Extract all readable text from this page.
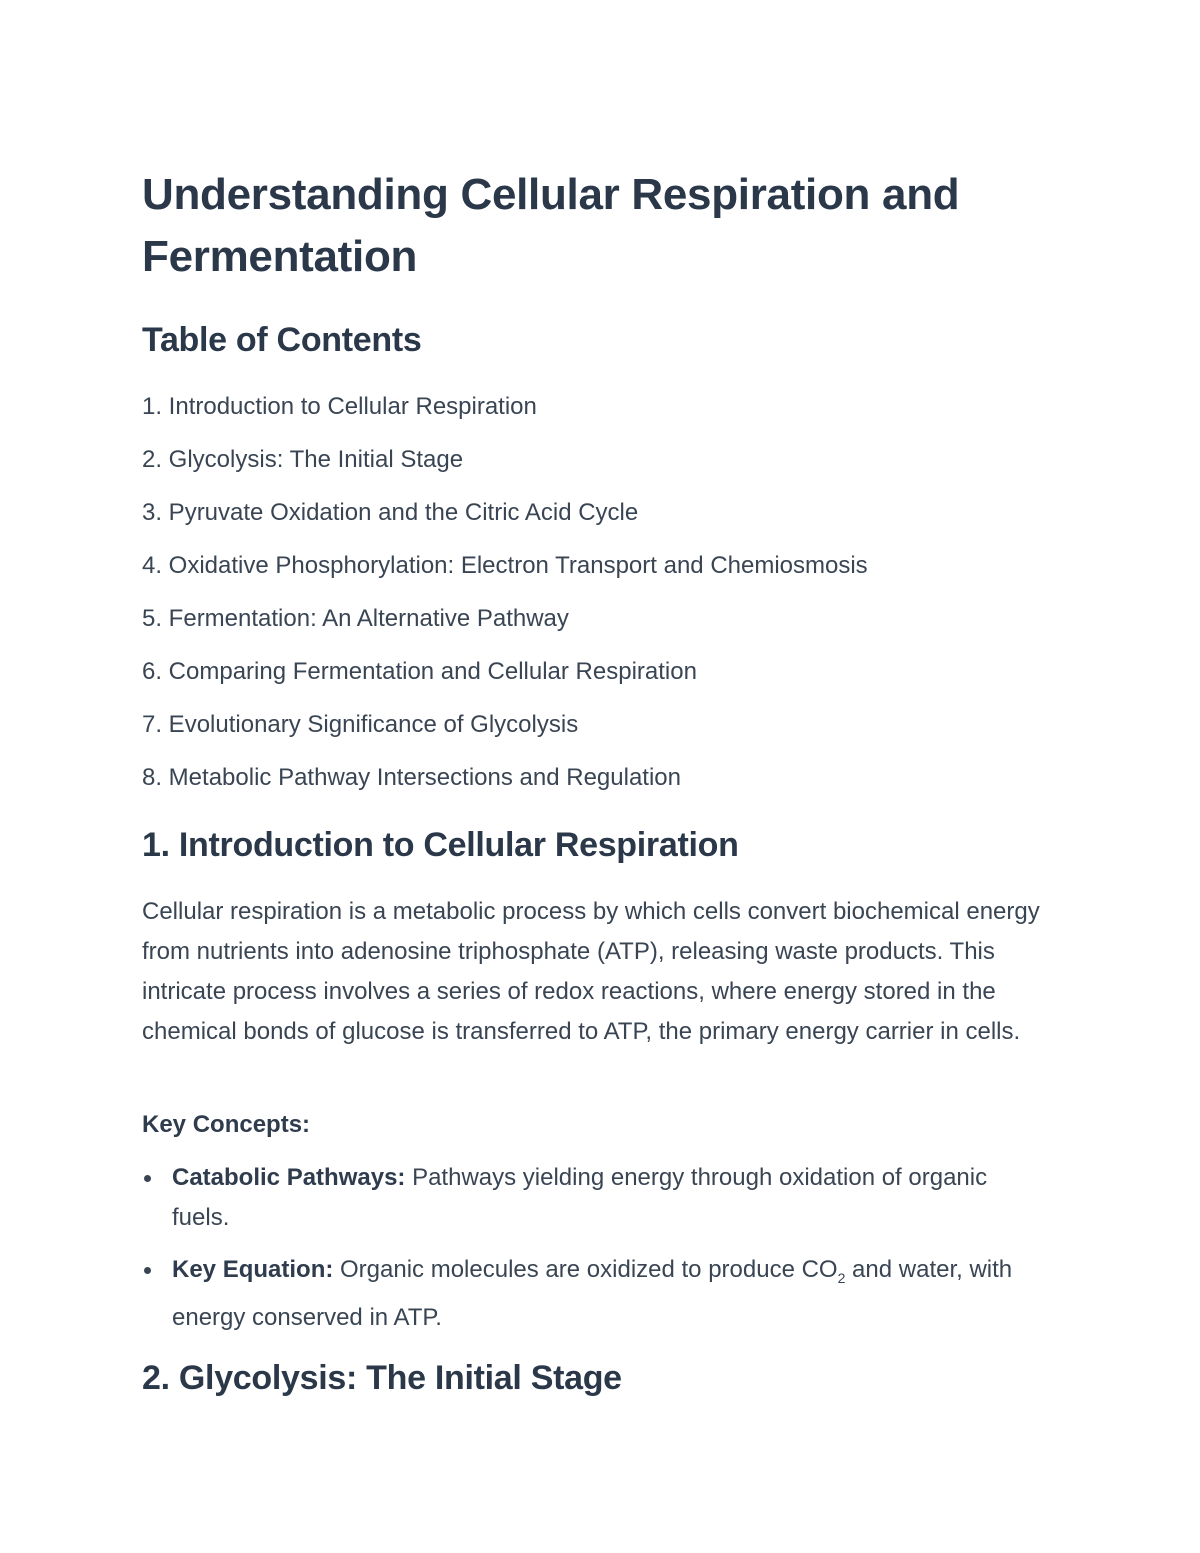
Understanding Cellular Respiration and Fermentation
Table of Contents
1. Introduction to Cellular Respiration
2. Glycolysis: The Initial Stage
3. Pyruvate Oxidation and the Citric Acid Cycle
4. Oxidative Phosphorylation: Electron Transport and Chemiosmosis
5. Fermentation: An Alternative Pathway
6. Comparing Fermentation and Cellular Respiration
7. Evolutionary Significance of Glycolysis
8. Metabolic Pathway Intersections and Regulation
1. Introduction to Cellular Respiration

Cellular respiration is a metabolic process by which cells convert biochemical energy from nutrients into adenosine triphosphate (ATP), releasing waste products. This intricate process involves a series of redox reactions, where energy stored in the chemical bonds of glucose is transferred to ATP, the primary energy carrier in cells.

Key Concepts:

Catabolic Pathways: Pathways yielding energy through oxidation of organic fuels.
Key Equation: Organic molecules are oxidized to produce $CO_2$ and water, with energy conserved in ATP.
2. Glycolysis: The Initial Stage
